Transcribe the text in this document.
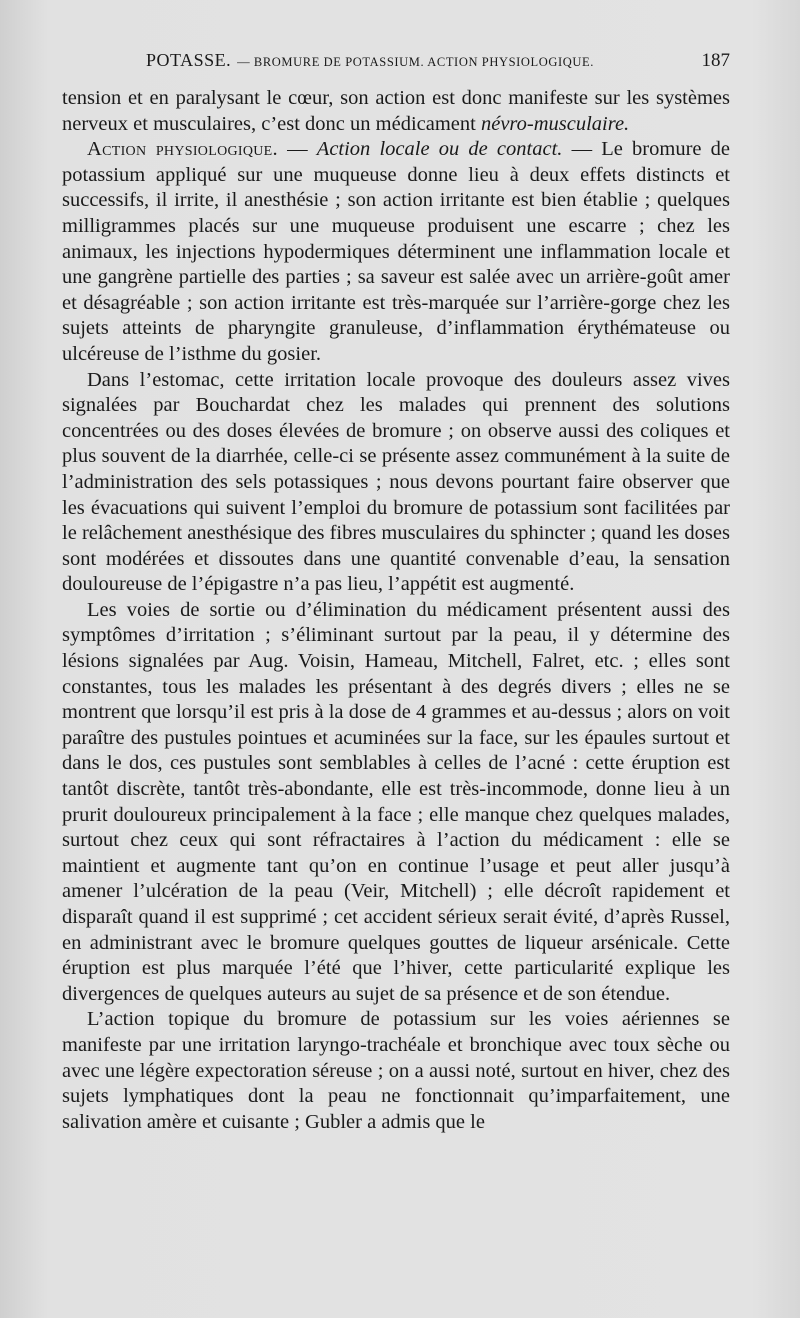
POTASSE. — BROMURE DE POTASSIUM. ACTION PHYSIOLOGIQUE.	187

tension et en paralysant le cœur, son action est donc manifeste sur les systèmes nerveux et musculaires, c’est donc un médicament névro-musculaire.

Action physiologique. — Action locale ou de contact. — Le bromure de potassium appliqué sur une muqueuse donne lieu à deux effets distincts et successifs, il irrite, il anesthésie ; son action irritante est bien établie ; quelques milligrammes placés sur une muqueuse produisent une escarre ; chez les animaux, les injections hypodermiques déterminent une inflammation locale et une gangrène partielle des parties ; sa saveur est salée avec un arrière-goût amer et désagréable ; son action irritante est très-marquée sur l’arrière-gorge chez les sujets atteints de pharyngite granuleuse, d’inflammation érythémateuse ou ulcéreuse de l’isthme du gosier.

Dans l’estomac, cette irritation locale provoque des douleurs assez vives signalées par Bouchardat chez les malades qui prennent des solutions concentrées ou des doses élevées de bromure ; on observe aussi des coliques et plus souvent de la diarrhée, celle-ci se présente assez communément à la suite de l’administration des sels potassiques ; nous devons pourtant faire observer que les évacuations qui suivent l’emploi du bromure de potassium sont facilitées par le relâchement anesthésique des fibres musculaires du sphincter ; quand les doses sont modérées et dissoutes dans une quantité convenable d’eau, la sensation douloureuse de l’épigastre n’a pas lieu, l’appétit est augmenté.

Les voies de sortie ou d’élimination du médicament présentent aussi des symptômes d’irritation ; s’éliminant surtout par la peau, il y détermine des lésions signalées par Aug. Voisin, Hameau, Mitchell, Falret, etc. ; elles sont constantes, tous les malades les présentant à des degrés divers ; elles ne se montrent que lorsqu’il est pris à la dose de 4 grammes et au-dessus ; alors on voit paraître des pustules pointues et acuminées sur la face, sur les épaules surtout et dans le dos, ces pustules sont semblables à celles de l’acné : cette éruption est tantôt discrète, tantôt très-abondante, elle est très-incommode, donne lieu à un prurit douloureux principalement à la face ; elle manque chez quelques malades, surtout chez ceux qui sont réfractaires à l’action du médicament : elle se maintient et augmente tant qu’on en continue l’usage et peut aller jusqu’à amener l’ulcération de la peau (Veir, Mitchell) ; elle décroît rapidement et disparaît quand il est supprimé ; cet accident sérieux serait évité, d’après Russel, en administrant avec le bromure quelques gouttes de liqueur arsénicale. Cette éruption est plus marquée l’été que l’hiver, cette particularité explique les divergences de quelques auteurs au sujet de sa présence et de son étendue.

L’action topique du bromure de potassium sur les voies aériennes se manifeste par une irritation laryngo-trachéale et bronchique avec toux sèche ou avec une légère expectoration séreuse ; on a aussi noté, surtout en hiver, chez des sujets lymphatiques dont la peau ne fonctionnait qu’imparfaitement, une salivation amère et cuisante ; Gubler a admis que le
